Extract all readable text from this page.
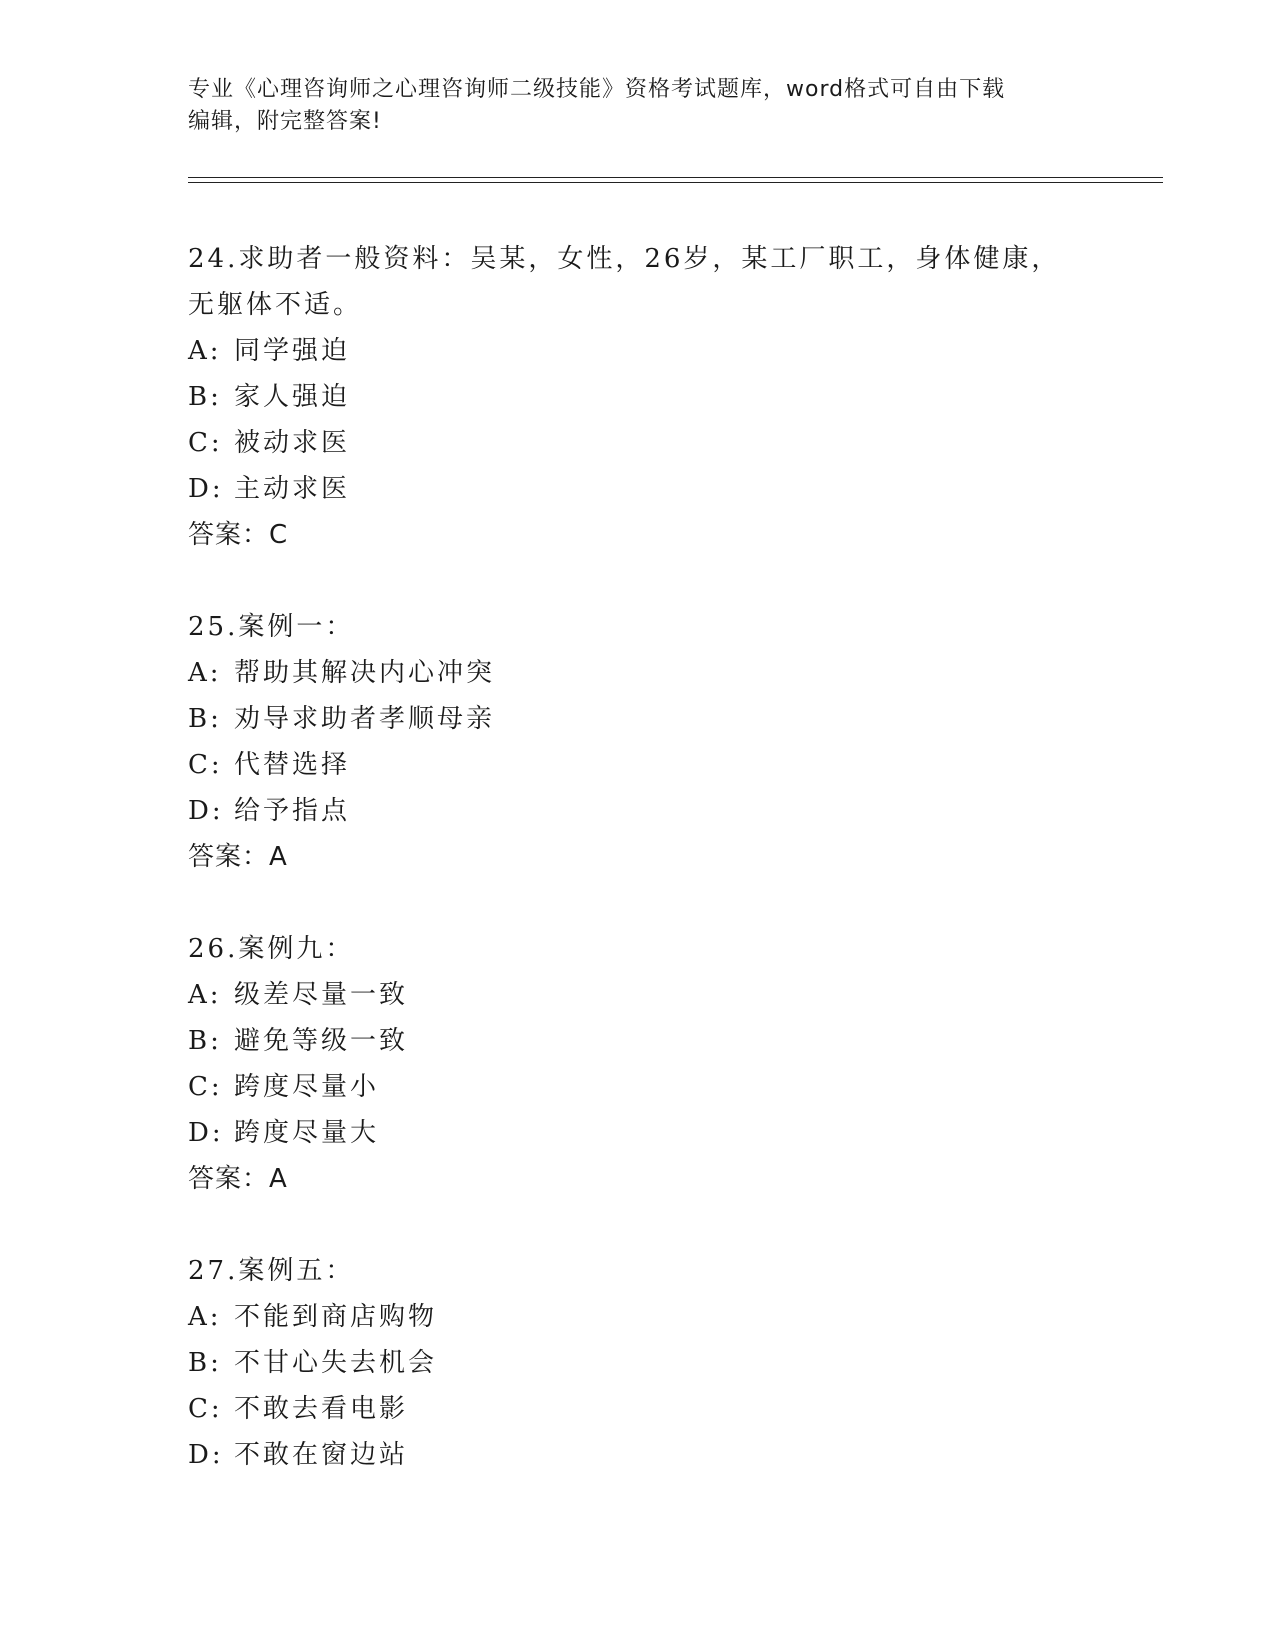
专业《心理咨询师之心理咨询师二级技能》资格考试题库，word格式可自由下载
编辑，附完整答案!
24.求助者一般资料：吴某，女性，26岁，某工厂职工，身体健康，无躯体不适。
A: 同学强迫
B: 家人强迫
C: 被动求医
D: 主动求医
答案：C
25.案例一：
A: 帮助其解决内心冲突
B: 劝导求助者孝顺母亲
C: 代替选择
D: 给予指点
答案：A
26.案例九：
A: 级差尽量一致
B: 避免等级一致
C: 跨度尽量小
D: 跨度尽量大
答案：A
27.案例五：
A: 不能到商店购物
B: 不甘心失去机会
C: 不敢去看电影
D: 不敢在窗边站
